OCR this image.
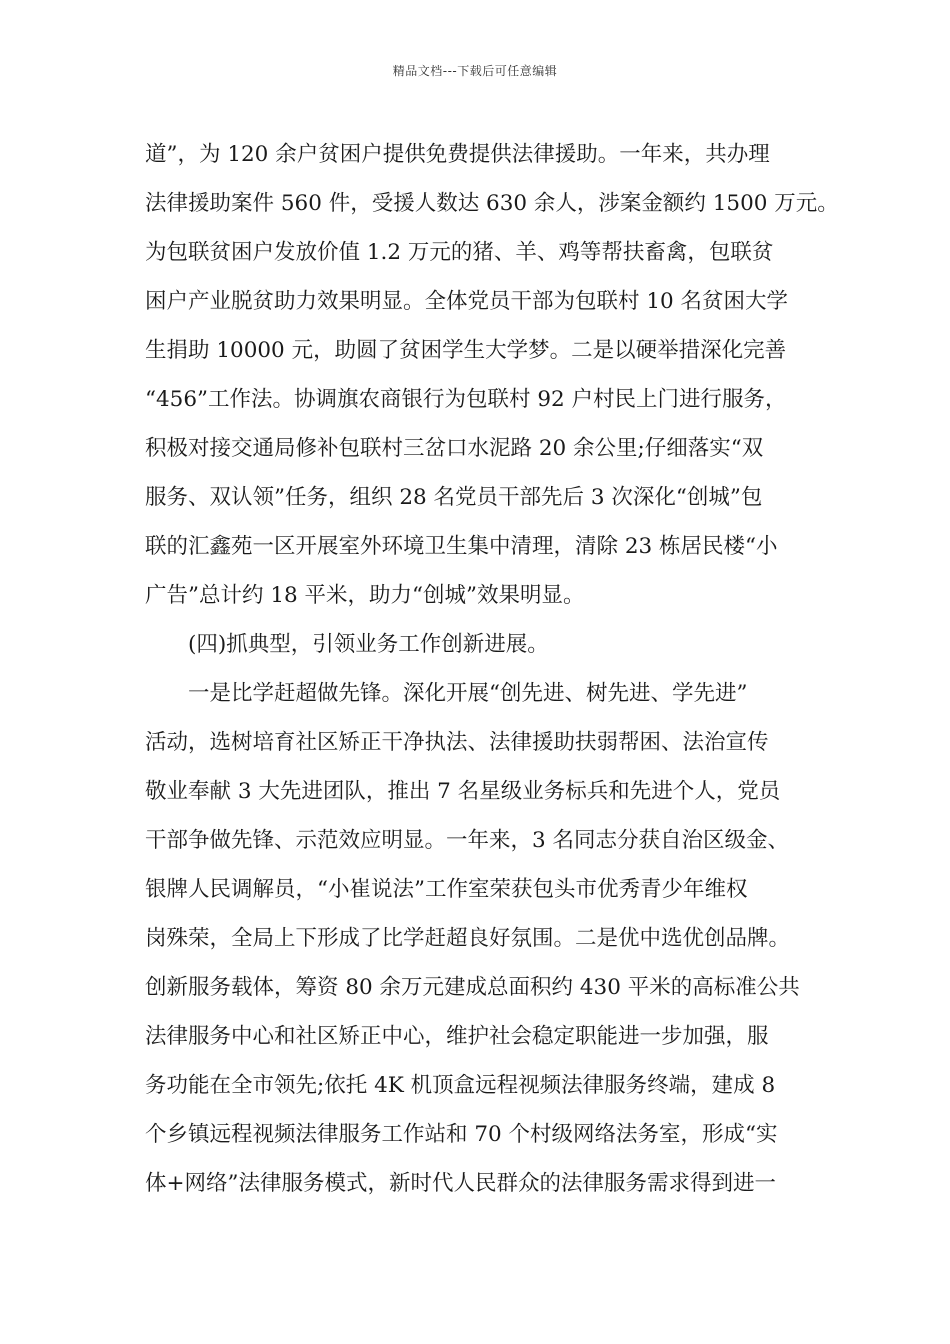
精品文档---下载后可任意编辑
道”，为 120 余户贫困户提供免费提供法律援助。一年来，共办理
法律援助案件 560 件，受援人数达 630 余人，涉案金额约 1500 万元。
为包联贫困户发放价值 1.2 万元的猪、羊、鸡等帮扶畜禽，包联贫
困户产业脱贫助力效果明显。全体党员干部为包联村 10 名贫困大学
生捐助 10000 元，助圆了贫困学生大学梦。二是以硬举措深化完善
“456”工作法。协调旗农商银行为包联村 92 户村民上门进行服务，
积极对接交通局修补包联村三岔口水泥路 20 余公里;仔细落实“双
服务、双认领”任务，组织 28 名党员干部先后 3 次深化“创城”包
联的汇鑫苑一区开展室外环境卫生集中清理，清除 23 栋居民楼“小
广告”总计约 18 平米，助力“创城”效果明显。
(四)抓典型，引领业务工作创新进展。
一是比学赶超做先锋。深化开展“创先进、树先进、学先进”
活动，选树培育社区矫正干净执法、法律援助扶弱帮困、法治宣传
敬业奉献 3 大先进团队，推出 7 名星级业务标兵和先进个人，党员
干部争做先锋、示范效应明显。一年来，3 名同志分获自治区级金、
银牌人民调解员，“小崔说法”工作室荣获包头市优秀青少年维权
岗殊荣，全局上下形成了比学赶超良好氛围。二是优中选优创品牌。
创新服务载体，筹资 80 余万元建成总面积约 430 平米的高标准公共
法律服务中心和社区矫正中心，维护社会稳定职能进一步加强，服
务功能在全市领先;依托 4K 机顶盒远程视频法律服务终端，建成 8
个乡镇远程视频法律服务工作站和 70 个村级网络法务室，形成“实
体+网络”法律服务模式，新时代人民群众的法律服务需求得到进一
